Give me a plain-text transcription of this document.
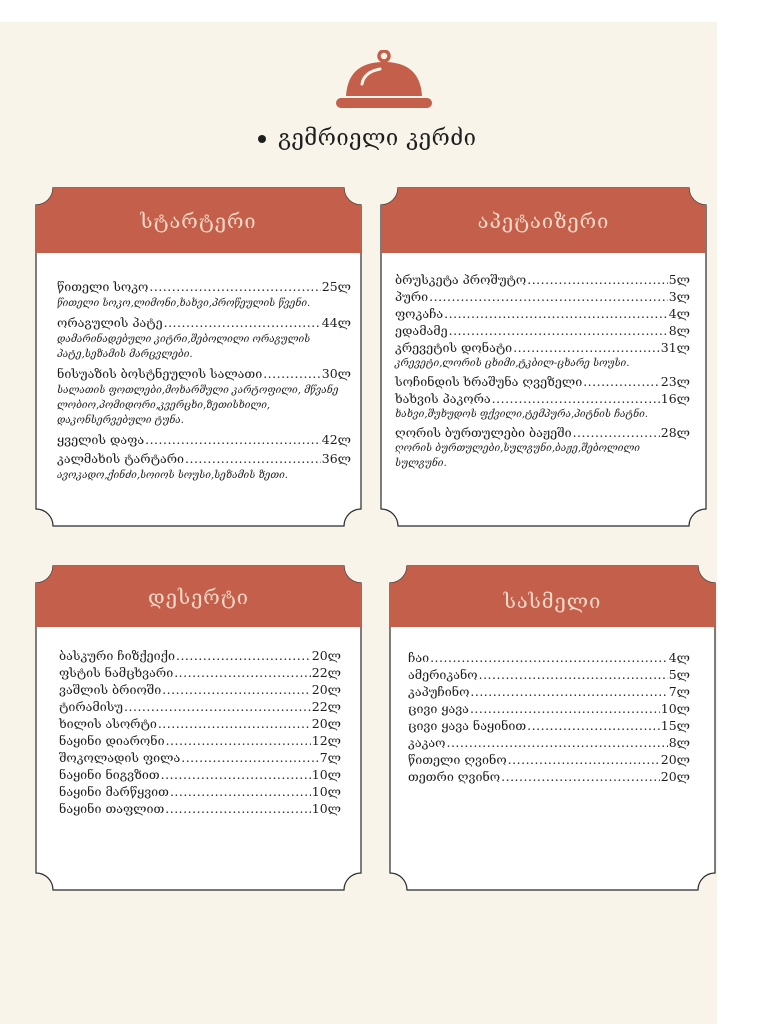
გემრიელი კერძი
სტარტერი
წითელი სოკო .....	25ლ
წითელი სოკო,ლიმონი,ხახვი,პროწეულის წვენი.
ორაგულის პატე .....	44ლ
დამარინადებული კიტრი,შებოლილი ორაგულის პატე,სეზამის მარცვლები.
ნისუაზის ბოსტნეულის სალათი .....	30ლ
სალათის ფოთლები,მოხარშული კარტოფილი, მწვანე ლობიო,პომიდორი,კვერცხი,ზეთისხილი, დაკონსერვებული ტუნა.
ყველის დაფა .....	42ლ
კალმახის ტარტარი .....	36ლ
ავოკადო,ქინძი,სოიოს სოუსი,სეზამის ზეთი.
აპეტაიზერი
ბრუსკეტა პროშუტო .....	5ლ
პური .....	3ლ
ფოკაჩა .....	4ლ
ედამამე .....	8ლ
კრევეტის დონატი .....	31ლ
კრევეტი,ლორის ცხიმი,ტკბილ-ცხარე სოუსი.
სოჩინდის ხრაშუნა ღვეზელი .....	23ლ
ხახვის პაკორა .....	16ლ
ხახვი,შუხუდოს ფქვილი,ტემპურა,პიტნის ჩატნი.
ღორის ბურთულები ბაჟეში .....	28ლ
ღორის ბურთულები,სულგუნი,ბაჟე,შებოლილი სულგუნი.
დესერტი
ბასკური ჩიზქეიქი .....	20ლ
ფსტის ნამცხვარი .....	22ლ
ვაშლის ბრიოში .....	20ლ
ტირამისუ .....	22ლ
ხილის ასორტი .....	20ლ
ნაყინი დიარონი .....	12ლ
შოკოლადის ფილა .....	7ლ
ნაყინი ნიგვზით .....	10ლ
ნაყინი მარწყვით .....	10ლ
ნაყინი თაფლით .....	10ლ
სასმელი
ჩაი .....	4ლ
ამერიკანო .....	5ლ
კაპუჩინო .....	7ლ
ცივი ყავა .....	10ლ
ცივი ყავა ნაყინით .....	15ლ
კაკაო .....	8ლ
წითელი ღვინო .....	20ლ
თეთრი ღვინო .....	20ლ
